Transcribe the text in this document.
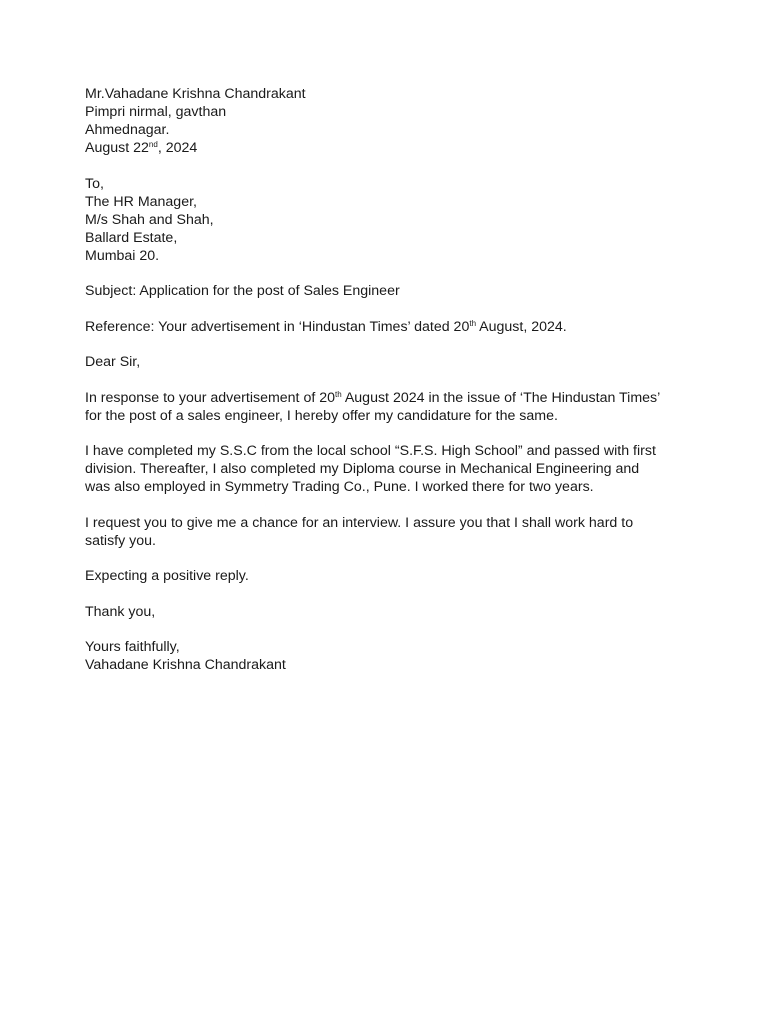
Mr.Vahadane Krishna Chandrakant
Pimpri nirmal, gavthan
Ahmednagar.
August 22nd, 2024
To,
The HR Manager,
M/s Shah and Shah,
Ballard Estate,
Mumbai 20.
Subject: Application for the post of Sales Engineer
Reference: Your advertisement in ‘Hindustan Times’ dated 20th August, 2024.
Dear Sir,
In response to your advertisement of 20th August 2024 in the issue of ‘The Hindustan Times’
for the post of a sales engineer, I hereby offer my candidature for the same.
I have completed my S.S.C from the local school “S.F.S. High School” and passed with first
division. Thereafter, I also completed my Diploma course in Mechanical Engineering and
was also employed in Symmetry Trading Co., Pune. I worked there for two years.
I request you to give me a chance for an interview. I assure you that I shall work hard to
satisfy you.
Expecting a positive reply.
Thank you,
Yours faithfully,
Vahadane Krishna Chandrakant
